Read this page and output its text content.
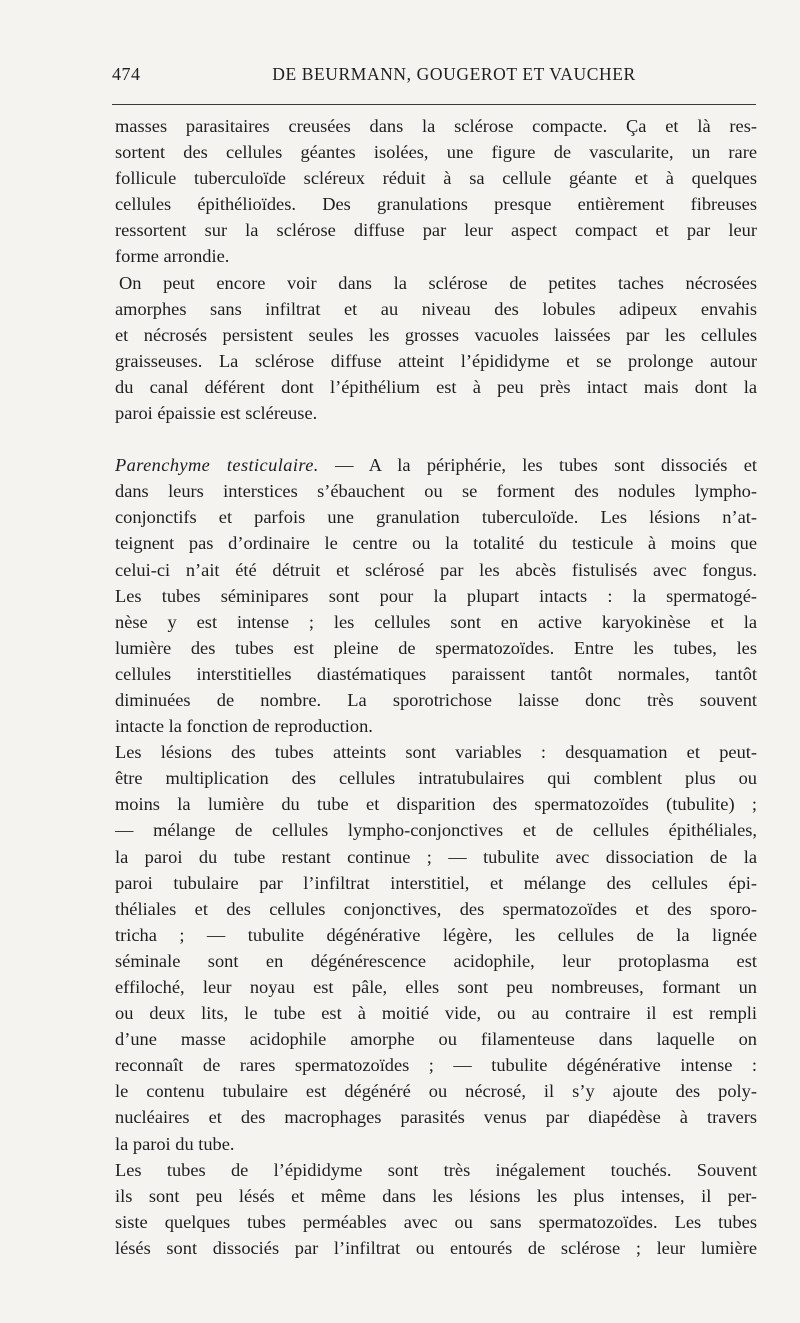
474	DE BEURMANN, GOUGEROT ET VAUCHER
masses parasitaires creusées dans la sclérose compacte. Ça et là res-
sortent des cellules géantes isolées, une figure de vascularite, un rare
follicule tuberculoïde scléreux réduit à sa cellule géante et à quelques
cellules épithélioïdes. Des granulations presque entièrement fibreuses
ressortent sur la sclérose diffuse par leur aspect compact et par leur
forme arrondie.
On peut encore voir dans la sclérose de petites taches nécrosées
amorphes sans infiltrat et au niveau des lobules adipeux envahis
et nécrosés persistent seules les grosses vacuoles laissées par les cellules
graisseuses. La sclérose diffuse atteint l’épididyme et se prolonge autour
du canal déférent dont l’épithélium est à peu près intact mais dont la
paroi épaissie est scléreuse.
Parenchyme testiculaire. — A la périphérie, les tubes sont dissociés et
dans leurs interstices s’ébauchent ou se forment des nodules lympho-
conjonctifs et parfois une granulation tuberculoïde. Les lésions n’at-
teignent pas d’ordinaire le centre ou la totalité du testicule à moins que
celui-ci n’ait été détruit et sclérosé par les abcès fistulisés avec fongus.
Les tubes séminipares sont pour la plupart intacts : la spermatogé-
nèse y est intense ; les cellules sont en active karyokinèse et la
lumière des tubes est pleine de spermatozoïdes. Entre les tubes, les
cellules interstitielles diastématiques paraissent tantôt normales, tantôt
diminuées de nombre. La sporotrichose laisse donc très souvent
intacte la fonction de reproduction.
Les lésions des tubes atteints sont variables : desquamation et peut-
être multiplication des cellules intratubulaires qui comblent plus ou
moins la lumière du tube et disparition des spermatozoïdes (tubulite) ;
— mélange de cellules lympho-conjonctives et de cellules épithéliales,
la paroi du tube restant continue ; — tubulite avec dissociation de la
paroi tubulaire par l’infiltrat interstitiel, et mélange des cellules épi-
théliales et des cellules conjonctives, des spermatozoïdes et des sporo-
tricha ; — tubulite dégénérative légère, les cellules de la lignée
séminale sont en dégénérescence acidophile, leur protoplasma est
effiloché, leur noyau est pâle, elles sont peu nombreuses, formant un
ou deux lits, le tube est à moitié vide, ou au contraire il est rempli
d’une masse acidophile amorphe ou filamenteuse dans laquelle on
reconnaît de rares spermatozoïdes ; — tubulite dégénérative intense :
le contenu tubulaire est dégénéré ou nécrosé, il s’y ajoute des poly-
nucléaires et des macrophages parasités venus par diapédèse à travers
la paroi du tube.
Les tubes de l’épididyme sont très inégalement touchés. Souvent
ils sont peu lésés et même dans les lésions les plus intenses, il per-
siste quelques tubes perméables avec ou sans spermatozoïdes. Les tubes
lésés sont dissociés par l’infiltrat ou entourés de sclérose ; leur lumière
